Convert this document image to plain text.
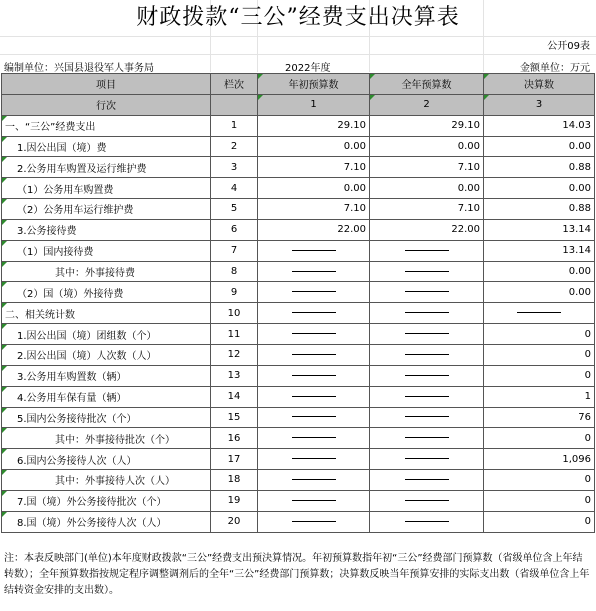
财政拨款“三公”经费支出决算表
公开09表
编制单位：兴国县退役军人事务局	2022年度	金额单位：万元
项目	栏次	年初预算数	全年预算数	决算数
行次		1	2	3
一、“三公”经费支出	1	29.10	29.10	14.03
1.因公出国（境）费	2	0.00	0.00	0.00
2.公务用车购置及运行维护费	3	7.10	7.10	0.88
（1）公务用车购置费	4	0.00	0.00	0.00
（2）公务用车运行维护费	5	7.10	7.10	0.88
3.公务接待费	6	22.00	22.00	13.14
（1）国内接待费	7			13.14
其中：外事接待费	8			0.00
（2）国（境）外接待费	9			0.00
二、相关统计数	10			
1.因公出国（境）团组数（个）	11			0
2.因公出国（境）人次数（人）	12			0
3.公务用车购置数（辆）	13			0
4.公务用车保有量（辆）	14			1
5.国内公务接待批次（个）	15			76
其中：外事接待批次（个）	16			0
6.国内公务接待人次（人）	17			1,096
其中：外事接待人次（人）	18			0
7.国（境）外公务接待批次（个）	19			0
8.国（境）外公务接待人次（人）	20			0
注：本表反映部门(单位)本年度财政拨款“三公”经费支出预決算情况。年初预算数指年初“三公”经费部门预算数（省级单位含上年结转数）；全年预算数指按规定程序调整调剂后的全年“三公”经费部门预算数；决算数反映当年预算安排的实际支出数（省级单位含上年结转资金安排的支出数）。
